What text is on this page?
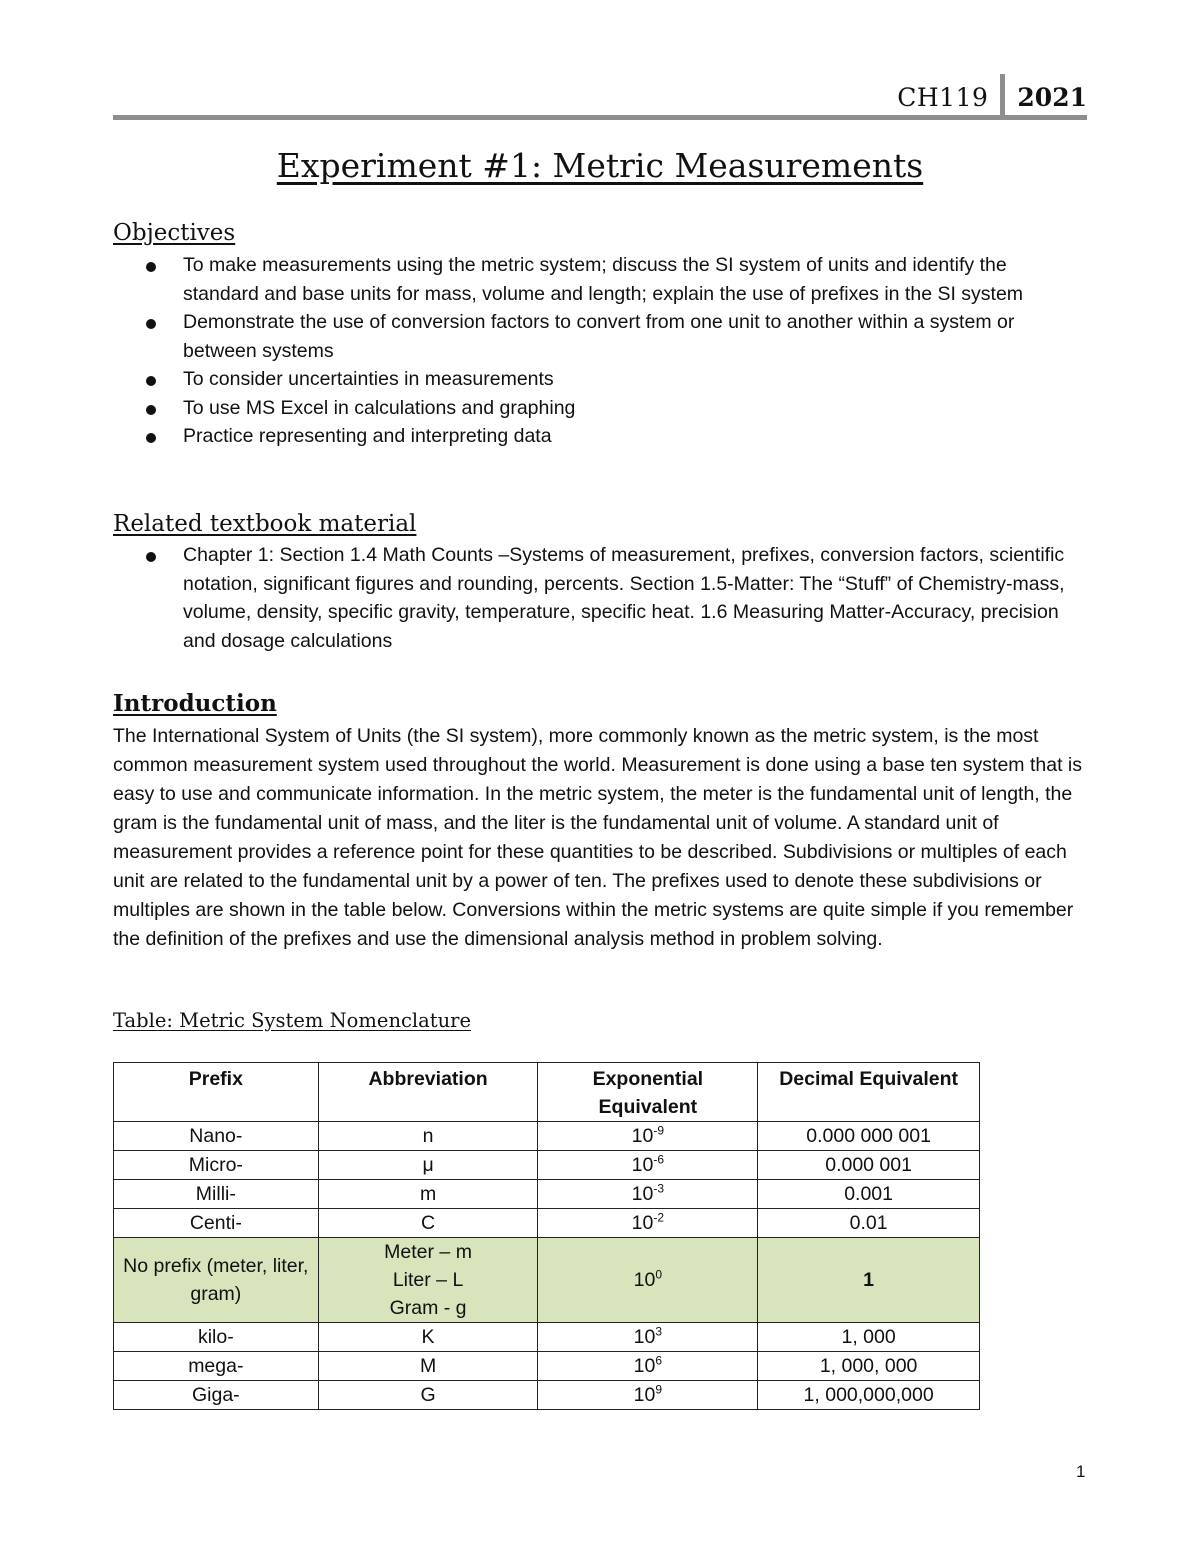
CH119	2021
Experiment #1: Metric Measurements
Objectives
To make measurements using the metric system; discuss the SI system of units and identify the standard and base units for mass, volume and length; explain the use of prefixes in the SI system
Demonstrate the use of conversion factors to convert from one unit to another within a system or between systems
To consider uncertainties in measurements
To use MS Excel in calculations and graphing
Practice representing and interpreting data
Related textbook material
Chapter 1: Section 1.4 Math Counts –Systems of measurement, prefixes, conversion factors, scientific notation, significant figures and rounding, percents. Section 1.5-Matter: The “Stuff” of Chemistry-mass, volume, density, specific gravity, temperature, specific heat. 1.6 Measuring Matter-Accuracy, precision and dosage calculations
Introduction

The International System of Units (the SI system), more commonly known as the metric system, is the most common measurement system used throughout the world. Measurement is done using a base ten system that is easy to use and communicate information. In the metric system, the meter is the fundamental unit of length, the gram is the fundamental unit of mass, and the liter is the fundamental unit of volume. A standard unit of measurement provides a reference point for these quantities to be described. Subdivisions or multiples of each unit are related to the fundamental unit by a power of ten. The prefixes used to denote these subdivisions or multiples are shown in the table below. Conversions within the metric systems are quite simple if you remember the definition of the prefixes and use the dimensional analysis method in problem solving.

Table: Metric System Nomenclature
Prefix	Abbreviation	Exponential Equivalent	Decimal Equivalent
Nano-	n	$10^{-9}$	0.000 000 001
Micro-	μ	$10^{-6}$	0.000 001
Milli-	m	$10^{-3}$	0.001
Centi-	C	$10^{-2}$	0.01
No prefix (meter, liter, gram)	Meter – m
Liter – L
Gram - g	$10^0$	1
kilo-	K	$10^3$	1, 000
mega-	M	$10^6$	1, 000, 000
Giga-	G	$10^9$	1, 000,000,000
1
